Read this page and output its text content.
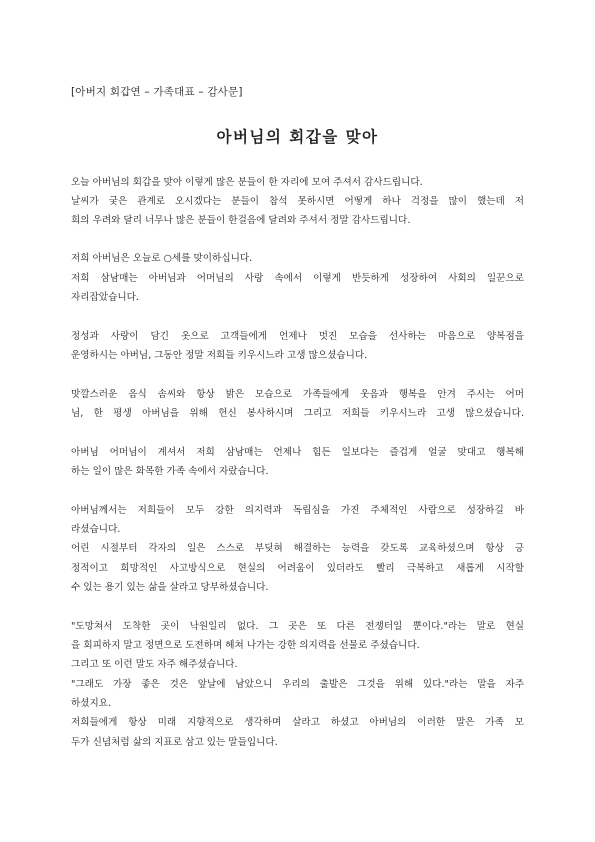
[아버지 회갑연 – 가족대표 – 감사문]
아버님의 회갑을 맞아
오늘 아버님의 회갑을 맞아 이렇게 많은 분들이 한 자리에 모여 주셔서 감사드립니다.
날씨가 궂은 관계로 오시겠다는 분들이 참석 못하시면 어떻게 하나 걱정을 많이 했는데 저
희의 우려와 달리 너무나 많은 분들이 한걸음에 달려와 주셔서 정말 감사드립니다.
저희 아버님은 오늘로 ○세를 맞이하십니다.
저희 삼남매는 아버님과 어머님의 사랑 속에서 이렇게 반듯하게 성장하여 사회의 일꾼으로
자리잡았습니다.
정성과 사랑이 담긴 옷으로 고객들에게 언제나 멋진 모습을 선사하는 마음으로 양복점을
운영하시는 아버님, 그동안 정말 저희들 키우시느라 고생 많으셨습니다.
맛깔스러운 음식 솜씨와 항상 밝은 모습으로 가족들에게 웃음과 행복을 안겨 주시는 어머
님, 한 평생 아버님을 위해 헌신 봉사하시며 그리고 저희들 키우시느라 고생 많으셨습니다.
아버님 어머님이 계셔서 저희 삼남매는 언제나 힘든 일보다는 즐겁게 얼굴 맞대고 행복해
하는 일이 많은 화목한 가족 속에서 자랐습니다.
아버님께서는 저희들이 모두 강한 의지력과 독립심을 가진 주체적인 사람으로 성장하길 바
라셨습니다.
어린 시절부터 각자의 일은 스스로 부딪혀 해결하는 능력을 갖도록 교육하셨으며 항상 긍
정적이고 희망적인 사고방식으로 현실의 어려움이 있더라도 빨리 극복하고 새롭게 시작할
수 있는 용기 있는 삶을 살라고 당부하셨습니다.
"도망쳐서 도착한 곳이 낙원일리 없다. 그 곳은 또 다른 전쟁터일 뿐이다."라는 말로 현실
을 회피하지 말고 정면으로 도전하며 헤쳐 나가는 강한 의지력을 선물로 주셨습니다.
그리고 또 이런 말도 자주 해주셨습니다.
"그래도 가장 좋은 것은 앞날에 남았으니 우리의 출발은 그것을 위해 있다."라는 말을 자주
하셨지요.
저희들에게 항상 미래 지향적으로 생각하며 살라고 하셨고 아버님의 이러한 말은 가족 모
두가 신념처럼 삶의 지표로 삼고 있는 말들입니다.
